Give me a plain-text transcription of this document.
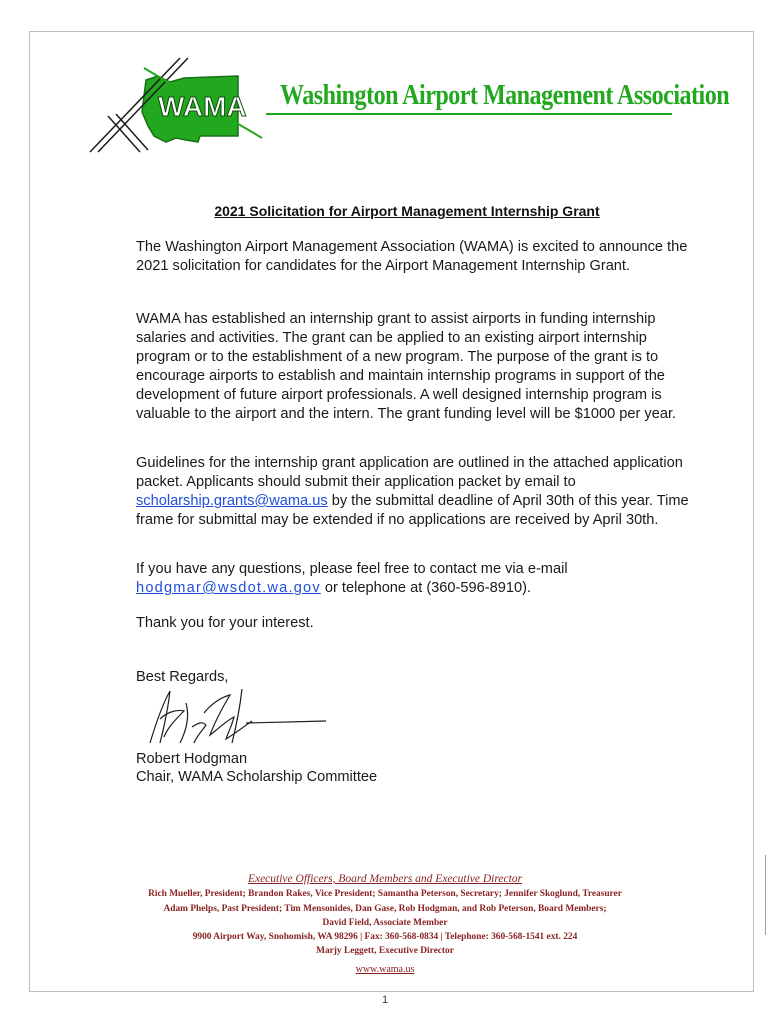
WAMA Washington Airport Management Association
2021 Solicitation for Airport Management Internship Grant

The Washington Airport Management Association (WAMA) is excited to announce the 2021 solicitation for candidates for the Airport Management Internship Grant.

WAMA has established an internship grant to assist airports in funding internship salaries and activities. The grant can be applied to an existing airport internship program or to the establishment of a new program. The purpose of the grant is to encourage airports to establish and maintain internship programs in support of the development of future airport professionals. A well designed internship program is valuable to the airport and the intern. The grant funding level will be $1000 per year.

Guidelines for the internship grant application are outlined in the attached application packet. Applicants should submit their application packet by email to scholarship.grants@wama.us by the submittal deadline of April 30th of this year. Time frame for submittal may be extended if no applications are received by April 30th.

If you have any questions, please feel free to contact me via e-mail hodgmar@wsdot.wa.gov or telephone at (360-596-8910).

Thank you for your interest.

Best Regards,

Robert Hodgman

Chair, WAMA Scholarship Committee

Executive Officers, Board Members and Executive Director
Rich Mueller, President; Brandon Rakes, Vice President; Samantha Peterson, Secretary; Jennifer Skoglund, Treasurer
Adam Phelps, Past President; Tim Mensonides, Dan Gase, Rob Hodgman, and Rob Peterson, Board Members;
David Field, Associate Member
9900 Airport Way, Snohomish, WA 98296 | Fax: 360-568-0834 | Telephone: 360-568-1541 ext. 224
Marjy Leggett, Executive Director
www.wama.us
1
